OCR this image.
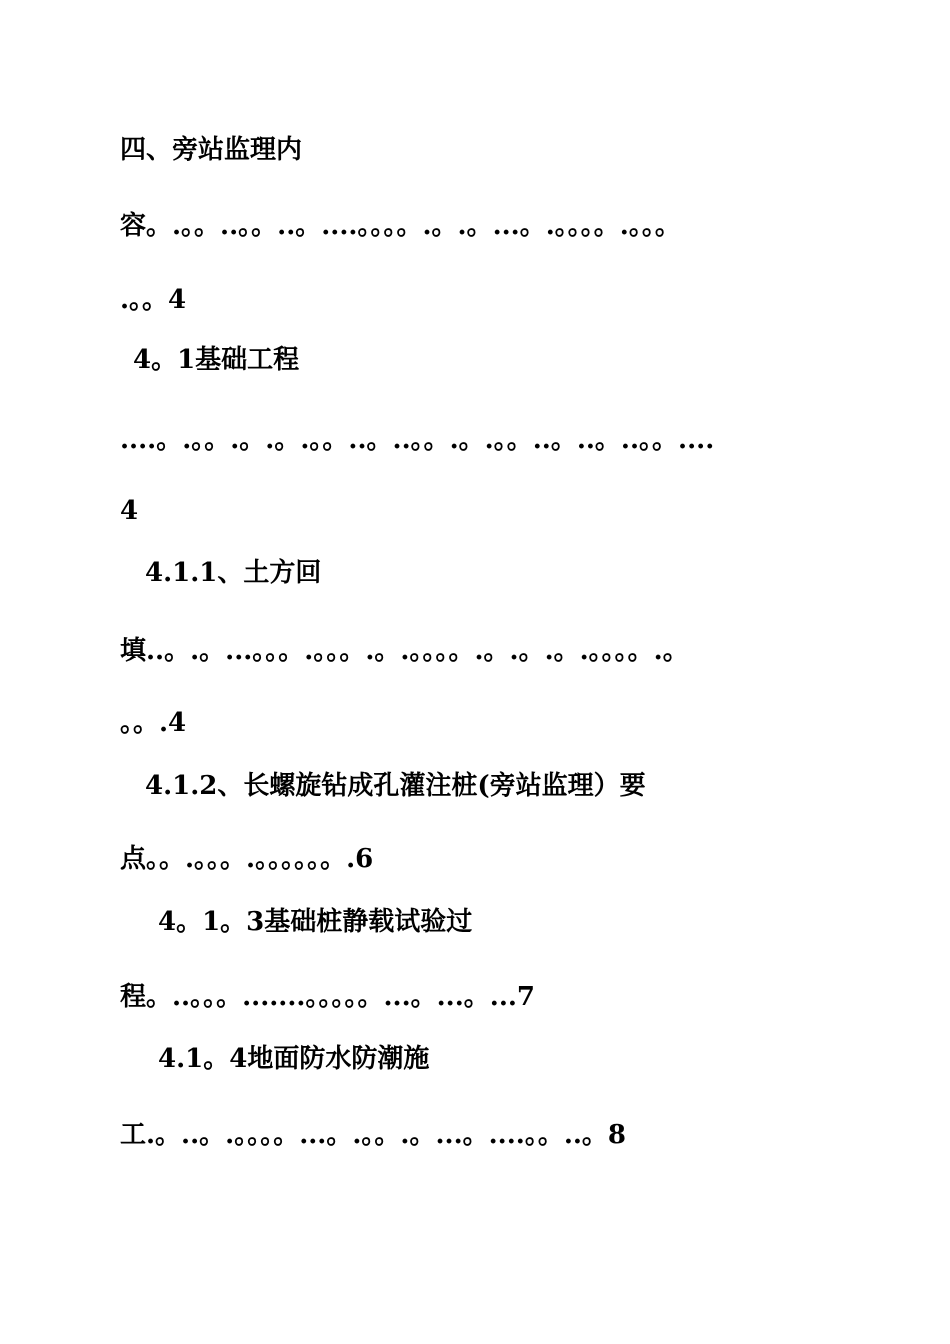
四、旁站监理内
容。.。。..。。..。....。。。。.。.。...。.。。。。.。。。
.。。4
4。1基础工程
....。.。。.。.。.。。..。..。。.。.。。..。..。..。。....
4
4.1.1、土方回
填..。.。...。。。.。。。.。.。。。。.。.。.。.。。。。.。
。。.4
4.1.2、长螺旋钻成孔灌注桩(旁站监理）要
点。。.。。。.。。。。。。.6
4。1。3基础桩静载试验过
程。..。。。.......。。。。。...。...。...7
4.1。4地面防水防潮施
工.。..。.。。。。...。.。。.。...。....。。..。8
